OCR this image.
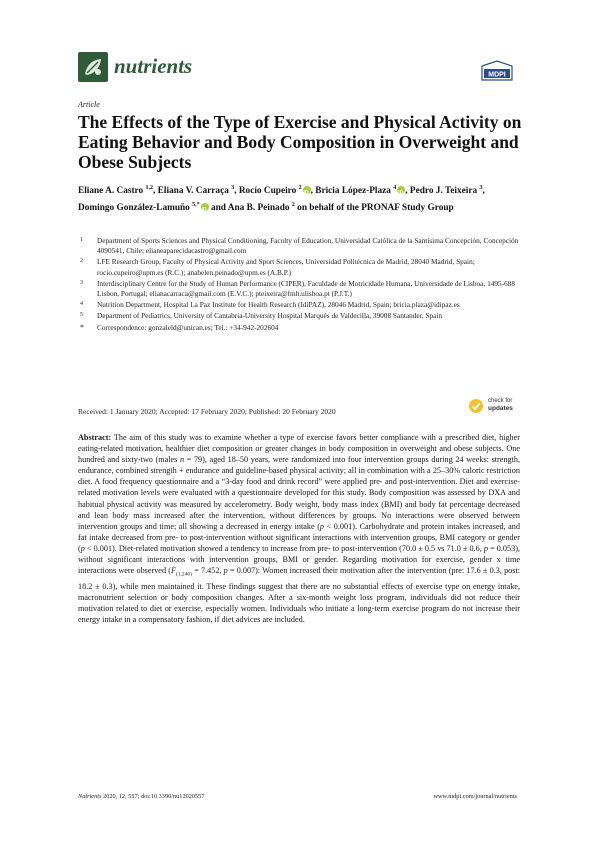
nutrients	MDPI
Article
The Effects of the Type of Exercise and Physical Activity on Eating Behavior and Body Composition in Overweight and Obese Subjects
Eliane A. Castro $^{1,2}$, Eliana V. Carraça $^3$, Rocío Cupeiro $^2$ iD , Bricia López-Plaza $^4$ iD , Pedro J. Teixeira $^3$, Domingo González-Lamuño $^{5,*}$iD and Ana B. Peinado $^2$ on behalf of the PRONAF Study Group
1 Department of Sports Sciences and Physical Conditioning, Faculty of Education, Universidad Católica de la Santísima Concepción, Concepción 4090541, Chile; elianeaparecidacastro@gmail.com
2 LFE Research Group, Faculty of Physical Activity and Sport Sciences, Universidad Politécnica de Madrid, 28040 Madrid, Spain; rocio.cupeiro@upm.es (R.C.); anabelen.peinado@upm.es (A.B.P.)
3 Interdisciplinary Centre for the Study of Human Performance (CIPER), Faculdade de Motricidade Humana, Universidade de Lisboa, 1495-688 Lisbon, Portugal; elianacarraca@gmail.com (E.V.C.); pteixeira@fmh.ulisboa.pt (P.J.T.)
4 Nutrition Department, Hospital La Paz Institute for Health Research (IdiPAZ), 28046 Madrid, Spain; bricia.plaza@idipaz.es
5 Department of Pediatrics, University of Cantabria-University Hospital Marqués de Valdecilla, 39008 Santander, Spain
* Correspondence: gonzaleld@unican.es; Tel.: +34-942-202604
check for
updates
Received: 1 January 2020; Accepted: 17 February 2020; Published: 20 February 2020
Abstract: The aim of this study was to examine whether a type of exercise favors better compliance with a prescribed diet, higher eating-related motivation, healthier diet composition or greater changes in body composition in overweight and obese subjects. One hundred and sixty-two (males n = 79), aged 18–50 years, were randomized into four intervention groups during 24 weeks: strength, endurance, combined strength + endurance and guideline-based physical activity; all in combination with a 25–30% caloric restriction diet. A food frequency questionnaire and a “3-day food and drink record” were applied pre- and post-intervention. Diet and exercise-related motivation levels were evaluated with a questionnaire developed for this study. Body composition was assessed by DXA and habitual physical activity was measured by accelerometry. Body weight, body mass index (BMI) and body fat percentage decreased and lean body mass increased after the intervention, without differences by groups. No interactions were observed between intervention groups and time; all showing a decreased in energy intake (p < 0.001). Carbohydrate and protein intakes increased, and fat intake decreased from pre- to post-intervention without significant interactions with intervention groups, BMI category or gender (p < 0.001). Diet-related motivation showed a tendency to increase from pre- to post-intervention (70.0 ± 0.5 vs 71.0 ± 0.6, p = 0.053), without significant interactions with intervention groups, BMI or gender. Regarding motivation for exercise, gender x time interactions were observed ($F_{(1,246)} = 7.452$, p = 0.007): Women increased their motivation after the intervention (pre: 17.6 ± 0.3, post: 18.2 ± 0.3), while men maintained it. These findings suggest that there are no substantial effects of exercise type on energy intake, macronutrient selection or body composition changes. After a six-month weight loss program, individuals did not reduce their motivation related to diet or exercise, especially women. Individuals who initiate a long-term exercise program do not increase their energy intake in a compensatory fashion, if diet advices are included.
Nutrients 2020, 12, 557; doi:10.3390/nu12020557	www.mdpi.com/journal/nutrients
